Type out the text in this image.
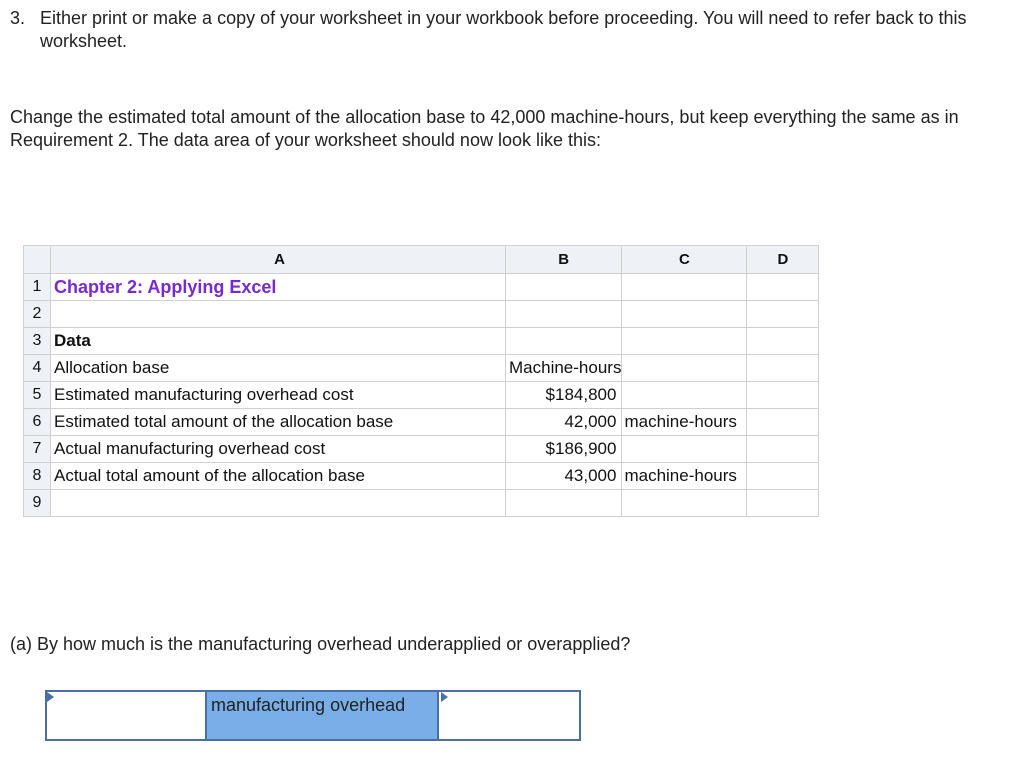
3. Either print or make a copy of your worksheet in your workbook before proceeding. You will need to refer back to this worksheet.
Change the estimated total amount of the allocation base to 42,000 machine-hours, but keep everything the same as in Requirement 2. The data area of your worksheet should now look like this:
	A	B	C	D
1	Chapter 2: Applying Excel			
2				
3	Data			
4	Allocation base	Machine-hours		
5	Estimated manufacturing overhead cost	$184,800		
6	Estimated total amount of the allocation base	42,000	machine-hours	
7	Actual manufacturing overhead cost	$186,900		
8	Actual total amount of the allocation base	43,000	machine-hours	
9				
(a) By how much is the manufacturing overhead underapplied or overapplied?
manufacturing overhead
